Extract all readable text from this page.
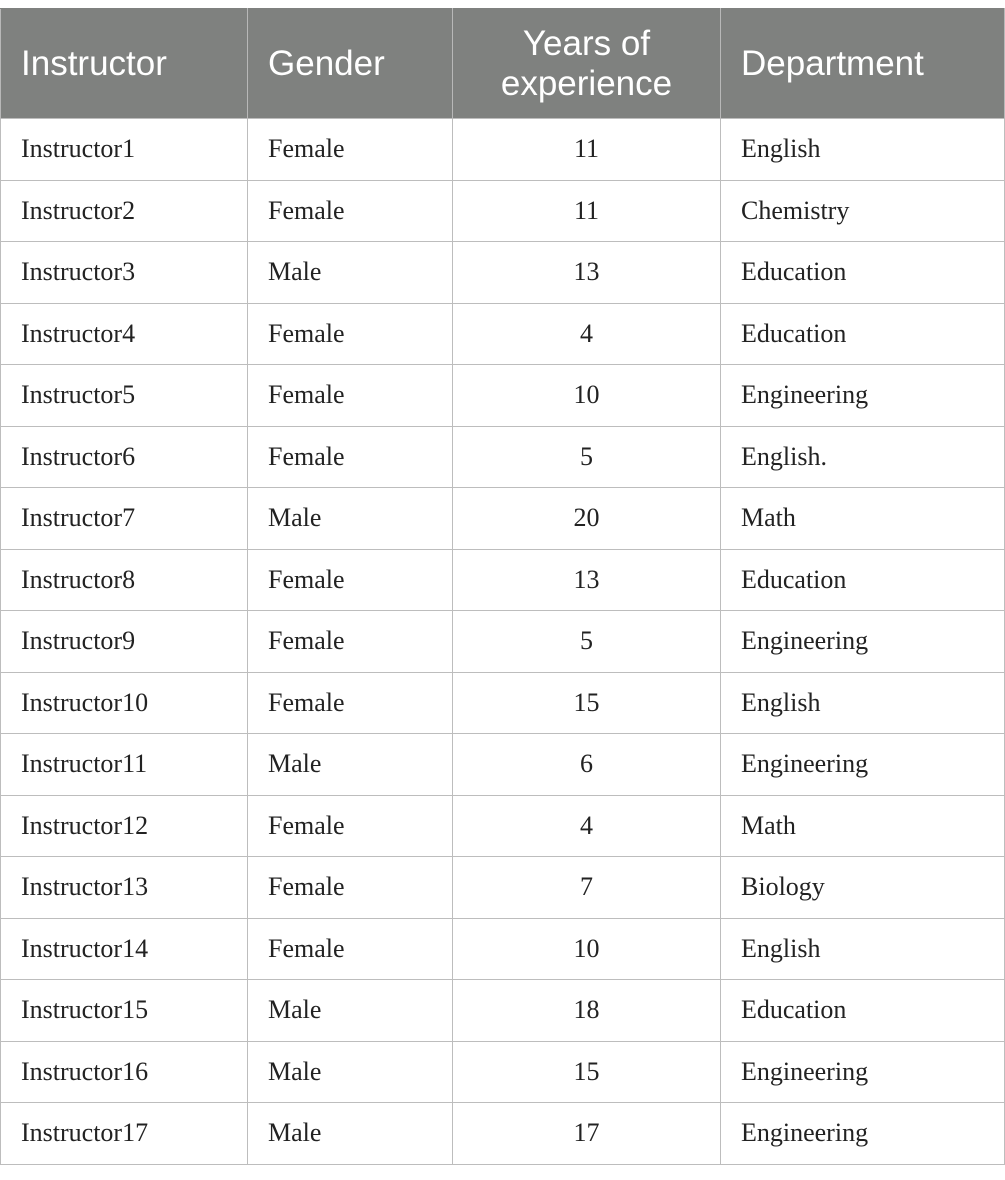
Instructor	Gender	Years of experience	Department
Instructor1	Female	11	English
Instructor2	Female	11	Chemistry
Instructor3	Male	13	Education
Instructor4	Female	4	Education
Instructor5	Female	10	Engineering
Instructor6	Female	5	English.
Instructor7	Male	20	Math
Instructor8	Female	13	Education
Instructor9	Female	5	Engineering
Instructor10	Female	15	English
Instructor11	Male	6	Engineering
Instructor12	Female	4	Math
Instructor13	Female	7	Biology
Instructor14	Female	10	English
Instructor15	Male	18	Education
Instructor16	Male	15	Engineering
Instructor17	Male	17	Engineering
